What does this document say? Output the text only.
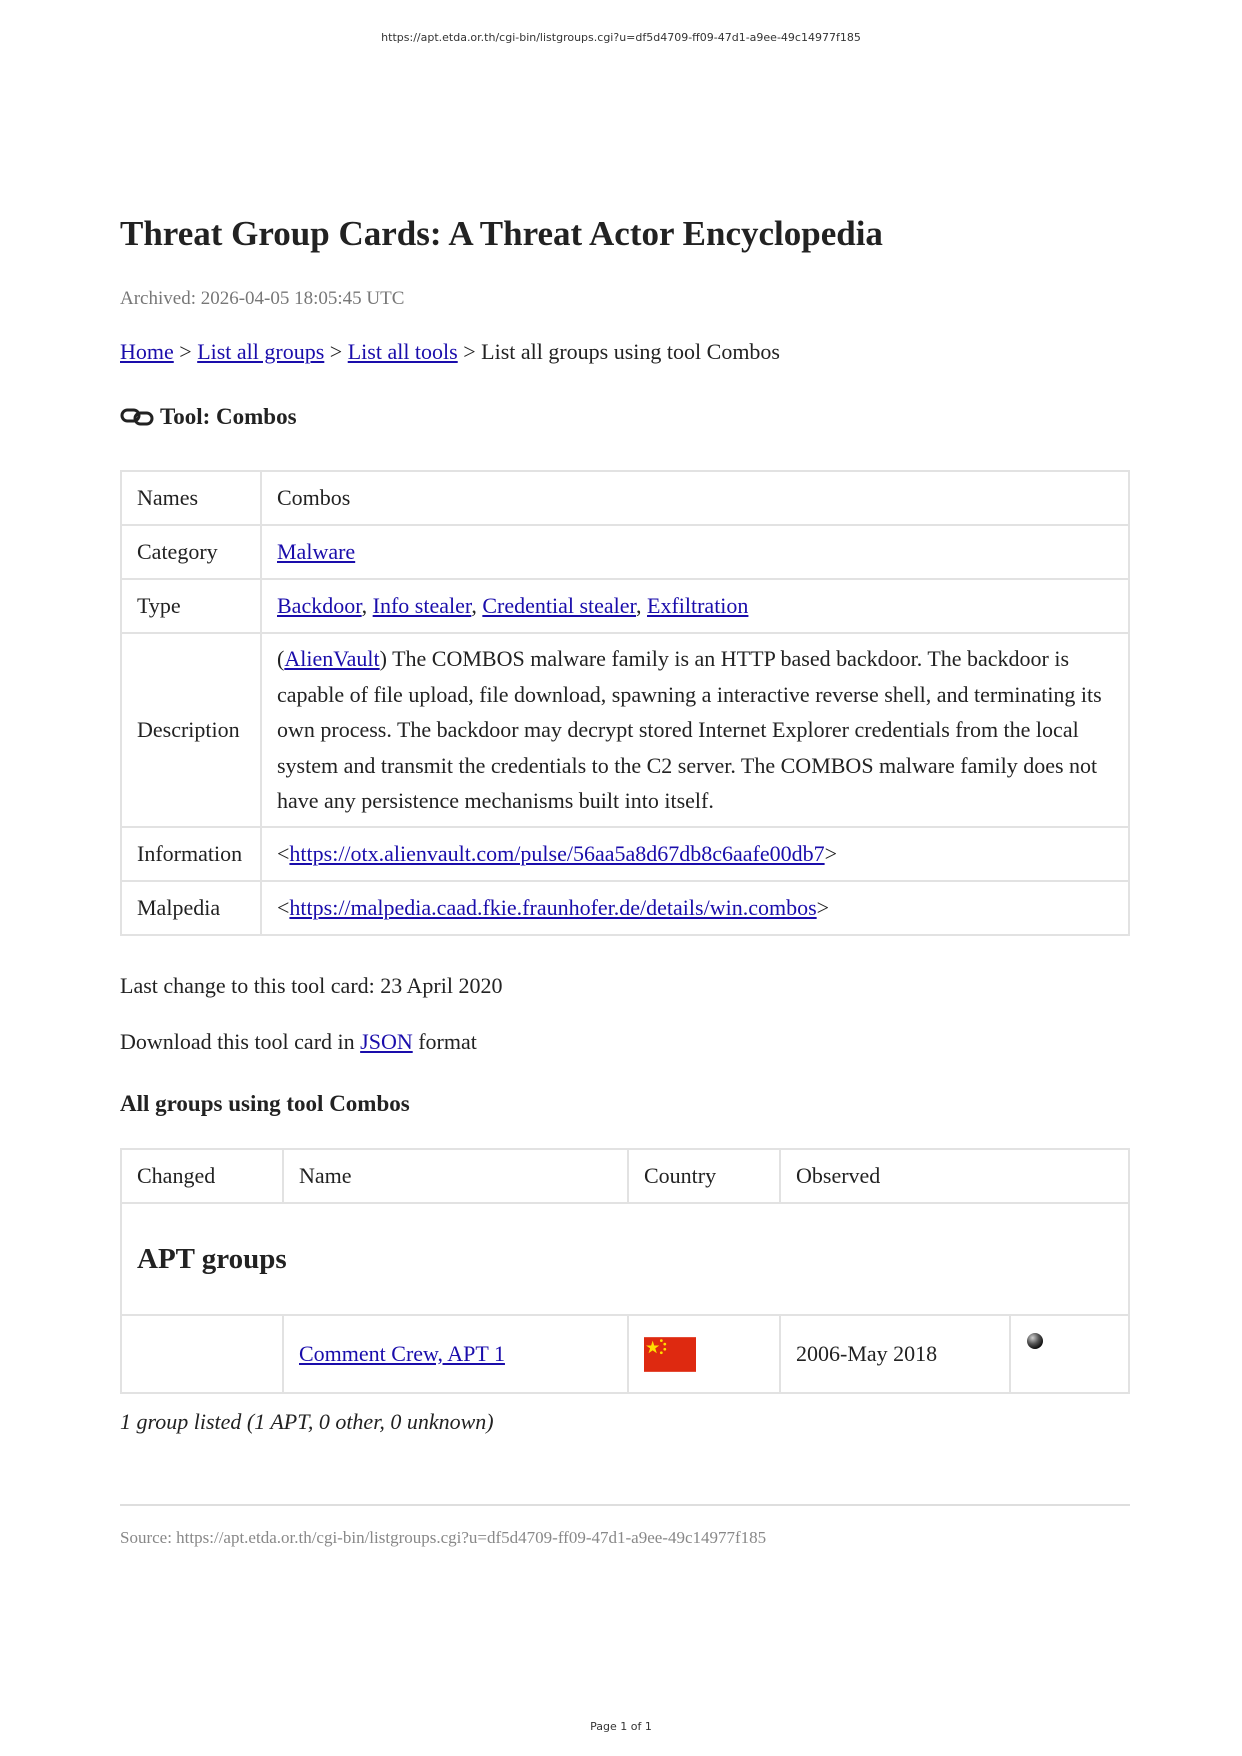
https://apt.etda.or.th/cgi-bin/listgroups.cgi?u=df5d4709-ff09-47d1-a9ee-49c14977f185
Threat Group Cards: A Threat Actor Encyclopedia
Archived: 2026-04-05 18:05:45 UTC
Home > List all groups > List all tools > List all groups using tool Combos
Tool: Combos
Names	Combos
Category	Malware
Type	Backdoor, Info stealer, Credential stealer, Exfiltration
Description	(AlienVault) The COMBOS malware family is an HTTP based backdoor. The backdoor is capable of file upload, file download, spawning a interactive reverse shell, and terminating its own process. The backdoor may decrypt stored Internet Explorer credentials from the local system and transmit the credentials to the C2 server. The COMBOS malware family does not have any persistence mechanisms built into itself.

Information	<https://otx.alienvault.com/pulse/56aa5a8d67db8c6aafe00db7>
Malpedia	<https://malpedia.caad.fkie.fraunhofer.de/details/win.combos>
Last change to this tool card: 23 April 2020
Download this tool card in JSON format
All groups using tool Combos
Changed	Name	Country	Observed	
APT groups				
	Comment Crew, APT 1		2006-May 2018	
1 group listed (1 APT, 0 other, 0 unknown)
Source: https://apt.etda.or.th/cgi-bin/listgroups.cgi?u=df5d4709-ff09-47d1-a9ee-49c14977f185
Page 1 of 1
